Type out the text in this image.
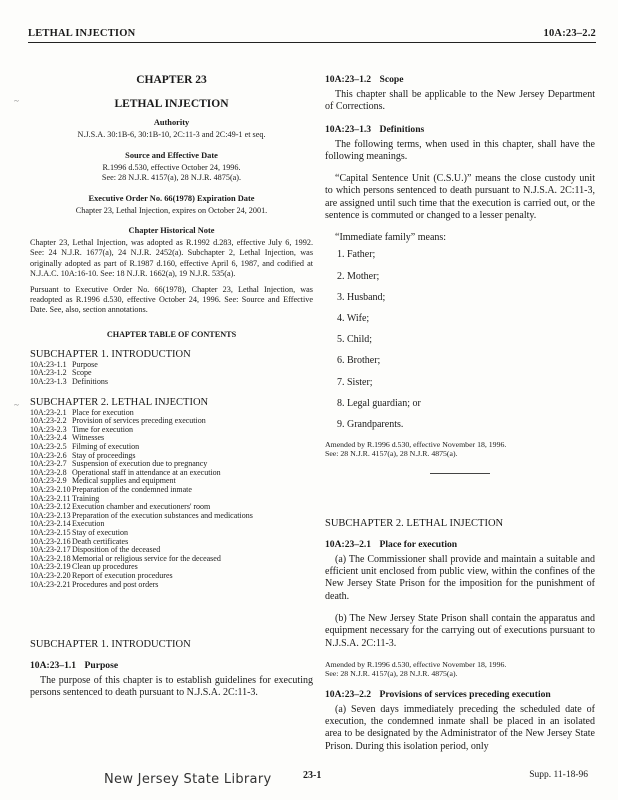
LETHAL INJECTION	10A:23–2.2
~
~
CHAPTER 23
LETHAL INJECTION
Authority
N.J.S.A. 30:1B-6, 30:1B-10, 2C:11-3 and 2C:49-1 et seq.
Source and Effective Date
R.1996 d.530, effective October 24, 1996.
See: 28 N.J.R. 4157(a), 28 N.J.R. 4875(a).
Executive Order No. 66(1978) Expiration Date
Chapter 23, Lethal Injection, expires on October 24, 2001.
Chapter Historical Note

Chapter 23, Lethal Injection, was adopted as R.1992 d.283, effective July 6, 1992. See: 24 N.J.R. 1677(a), 24 N.J.R. 2452(a). Subchapter 2, Lethal Injection, was originally adopted as part of R.1987 d.160, effective April 6, 1987, and codified at N.J.A.C. 10A:16-10. See: 18 N.J.R. 1662(a), 19 N.J.R. 535(a).

Pursuant to Executive Order No. 66(1978), Chapter 23, Lethal Injection, was readopted as R.1996 d.530, effective October 24, 1996. See: Source and Effective Date. See, also, section annotations.

CHAPTER TABLE OF CONTENTS
SUBCHAPTER 1. INTRODUCTION
10A:23-1.1 Purpose
10A:23-1.2 Scope
10A:23-1.3 Definitions
SUBCHAPTER 2. LETHAL INJECTION
10A:23-2.1 Place for execution
10A:23-2.2 Provision of services preceding execution
10A:23-2.3 Time for execution
10A:23-2.4 Witnesses
10A:23-2.5 Filming of execution
10A:23-2.6 Stay of proceedings
10A:23-2.7 Suspension of execution due to pregnancy
10A:23-2.8 Operational staff in attendance at an execution
10A:23-2.9 Medical supplies and equipment
10A:23-2.10 Preparation of the condemned inmate
10A:23-2.11 Training
10A:23-2.12 Execution chamber and executioners' room
10A:23-2.13 Preparation of the execution substances and medications
10A:23-2.14 Execution
10A:23-2.15 Stay of execution
10A:23-2.16 Death certificates
10A:23-2.17 Disposition of the deceased
10A:23-2.18 Memorial or religious service for the deceased
10A:23-2.19 Clean up procedures
10A:23-2.20 Report of execution procedures
10A:23-2.21 Procedures and post orders
SUBCHAPTER 1. INTRODUCTION
10A:23–1.1 Purpose

The purpose of this chapter is to establish guidelines for executing persons sentenced to death pursuant to N.J.S.A. 2C:11-3.

10A:23–1.2 Scope

This chapter shall be applicable to the New Jersey Department of Corrections.

10A:23–1.3 Definitions

The following terms, when used in this chapter, shall have the following meanings.

“Capital Sentence Unit (C.S.U.)” means the close custody unit to which persons sentenced to death pursuant to N.J.S.A. 2C:11-3, are assigned until such time that the execution is carried out, or the sentence is commuted or changed to a lesser penalty.

“Immediate family” means:
1. Father;
2. Mother;
3. Husband;
4. Wife;
5. Child;
6. Brother;
7. Sister;
8. Legal guardian; or
9. Grandparents.
Amended by R.1996 d.530, effective November 18, 1996.
See: 28 N.J.R. 4157(a), 28 N.J.R. 4875(a).
SUBCHAPTER 2. LETHAL INJECTION
10A:23–2.1 Place for execution

(a) The Commissioner shall provide and maintain a suitable and efficient unit enclosed from public view, within the confines of the New Jersey State Prison for the imposition for the punishment of death.

(b) The New Jersey State Prison shall contain the apparatus and equipment necessary for the carrying out of executions pursuant to N.J.S.A. 2C:11-3.

Amended by R.1996 d.530, effective November 18, 1996.
See: 28 N.J.R. 4157(a), 28 N.J.R. 4875(a).
10A:23–2.2 Provisions of services preceding execution

(a) Seven days immediately preceding the scheduled date of execution, the condemned inmate shall be placed in an isolated area to be designated by the Administrator of the New Jersey State Prison. During this isolation period, only

New Jersey State Library	23-1	Supp. 11-18-96
